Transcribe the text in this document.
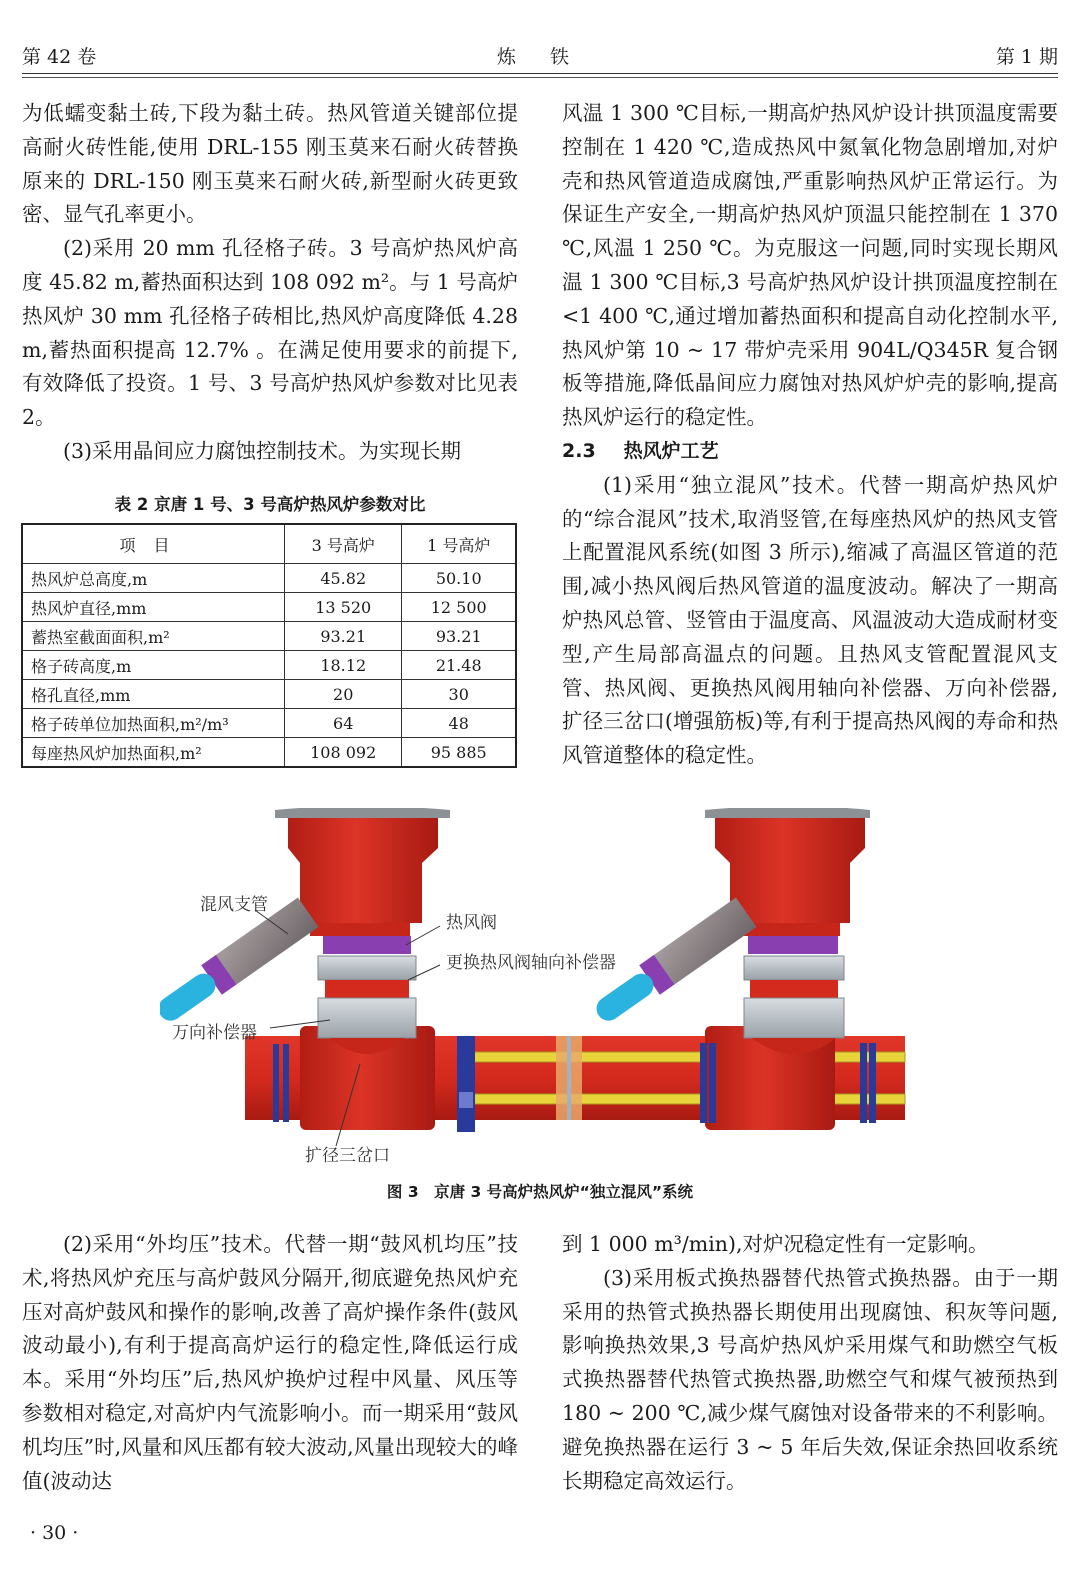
第 42 卷	炼 铁	第 1 期

为低蠕变黏土砖,下段为黏土砖。热风管道关键部位提高耐火砖性能,使用 DRL-155 刚玉莫来石耐火砖替换原来的 DRL-150 刚玉莫来石耐火砖,新型耐火砖更致密、显气孔率更小。

(2)采用 20 mm 孔径格子砖。3 号高炉热风炉高度 45.82 m,蓄热面积达到 108 092 m²。与 1 号高炉热风炉 30 mm 孔径格子砖相比,热风炉高度降低 4.28 m,蓄热面积提高 12.7% 。在满足使用要求的前提下,有效降低了投资。1 号、3 号高炉热风炉参数对比见表 2。

(3)采用晶间应力腐蚀控制技术。为实现长期

表 2 京唐 1 号、3 号高炉热风炉参数对比
项目	3 号高炉	1 号高炉
热风炉总高度,m	45.82	50.10
热风炉直径,mm	13 520	12 500
蓄热室截面面积,m²	93.21	93.21
格子砖高度,m	18.12	21.48
格孔直径,mm	20	30
格子砖单位加热面积,m²/m³	64	48
每座热风炉加热面积,m²	108 092	95 885

风温 1 300 ℃目标,一期高炉热风炉设计拱顶温度需要控制在 1 420 ℃,造成热风中氮氧化物急剧增加,对炉壳和热风管道造成腐蚀,严重影响热风炉正常运行。为保证生产安全,一期高炉热风炉顶温只能控制在 1 370 ℃,风温 1 250 ℃。为克服这一问题,同时实现长期风温 1 300 ℃目标,3 号高炉热风炉设计拱顶温度控制在<1 400 ℃,通过增加蓄热面积和提高自动化控制水平,热风炉第 10 ~ 17 带炉壳采用 904L/Q345R 复合钢板等措施,降低晶间应力腐蚀对热风炉炉壳的影响,提高热风炉运行的稳定性。

2.3 热风炉工艺

(1)采用“独立混风”技术。代替一期高炉热风炉的“综合混风”技术,取消竖管,在每座热风炉的热风支管上配置混风系统(如图 3 所示),缩减了高温区管道的范围,减小热风阀后热风管道的温度波动。解决了一期高炉热风总管、竖管由于温度高、风温波动大造成耐材变型,产生局部高温点的问题。且热风支管配置混风支管、热风阀、更换热风阀用轴向补偿器、万向补偿器,扩径三岔口(增强筋板)等,有利于提高热风阀的寿命和热风管道整体的稳定性。

混风支管
热风阀
更换热风阀轴向补偿器
万向补偿器
扩径三岔口
图 3　京唐 3 号高炉热风炉“独立混风”系统

(2)采用“外均压”技术。代替一期“鼓风机均压”技术,将热风炉充压与高炉鼓风分隔开,彻底避免热风炉充压对高炉鼓风和操作的影响,改善了高炉操作条件(鼓风波动最小),有利于提高高炉运行的稳定性,降低运行成本。采用“外均压”后,热风炉换炉过程中风量、风压等参数相对稳定,对高炉内气流影响小。而一期采用“鼓风机均压”时,风量和风压都有较大波动,风量出现较大的峰值(波动达

到 1 000 m³/min),对炉况稳定性有一定影响。

(3)采用板式换热器替代热管式换热器。由于一期采用的热管式换热器长期使用出现腐蚀、积灰等问题,影响换热效果,3 号高炉热风炉采用煤气和助燃空气板式换热器替代热管式换热器,助燃空气和煤气被预热到 180 ~ 200 ℃,减少煤气腐蚀对设备带来的不利影响。避免换热器在运行 3 ~ 5 年后失效,保证余热回收系统长期稳定高效运行。

· 30 ·
